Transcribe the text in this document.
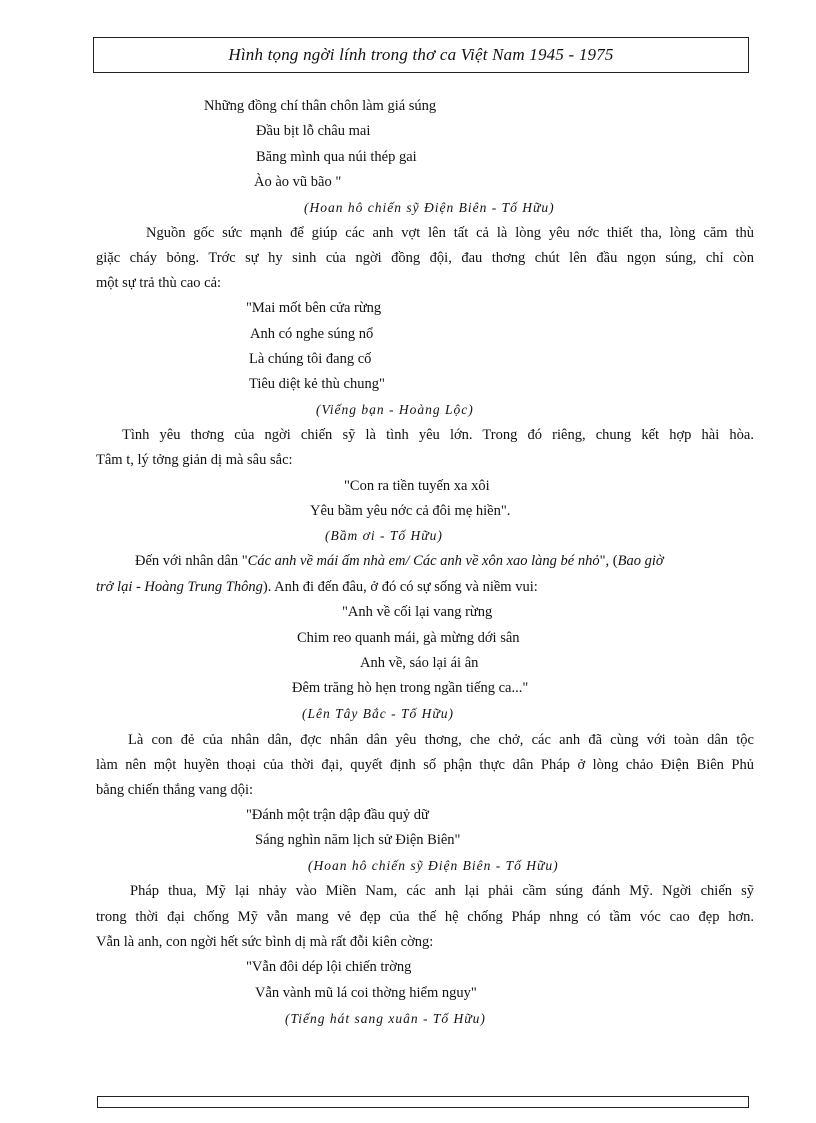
Hình tọng ngời lính trong thơ ca Việt Nam 1945 - 1975
Những đồng chí thân chôn làm giá súng
Đầu bịt lỗ châu mai
Băng mình qua núi thép gai
Ào ào vũ bão "
(Hoan hô chiến sỹ Điện Biên - Tố Hữu)
Nguồn gốc sức mạnh để giúp các anh vợt lên tất cả là lòng yêu nớc thiết tha, lòng căm thù
giặc cháy bỏng. Trớc sự hy sinh của ngời đồng đội, đau thơng chút lên đầu ngọn súng, chỉ còn
một sự trả thù cao cả:
"Mai mốt bên cửa rừng
Anh có nghe súng nổ
Là chúng tôi đang cố
Tiêu diệt kẻ thù chung"
(Viếng bạn - Hoàng Lộc)
Tình yêu thơng của ngời chiến sỹ là tình yêu lớn. Trong đó riêng, chung kết hợp hài hòa.
Tâm t, lý tởng giản dị mà sâu sắc:
"Con ra tiền tuyến xa xôi
Yêu bầm yêu nớc cả đôi mẹ hiền".
(Bầm ơi - Tố Hữu)
Đến với nhân dân "Các anh về mái ấm nhà em/ Các anh về xôn xao làng bé nhỏ", (Bao giờ
trở lại - Hoàng Trung Thông). Anh đi đến đâu, ở đó có sự sống và niềm vui:
"Anh về cối lại vang rừng
Chim reo quanh mái, gà mừng dới sân
Anh về, sáo lại ái ân
Đêm trăng hò hẹn trong ngần tiếng ca..."
(Lên Tây Bắc - Tố Hữu)
Là con đẻ của nhân dân, đợc nhân dân yêu thơng, che chở, các anh đã cùng với toàn dân tộc
làm nên một huyền thoại của thời đại, quyết định số phận thực dân Pháp ở lòng chảo Điện Biên Phủ
bằng chiến thắng vang dội:
"Đánh một trận dập đầu quỷ dữ
Sáng nghìn năm lịch sử Điện Biên"
(Hoan hô chiến sỹ Điện Biên - Tố Hữu)
Pháp thua, Mỹ lại nhảy vào Miền Nam, các anh lại phải cầm súng đánh Mỹ. Ngời chiến sỹ
trong thời đại chống Mỹ vẫn mang vẻ đẹp của thế hệ chống Pháp nhng có tầm vóc cao đẹp hơn.
Vẫn là anh, con ngời hết sức bình dị mà rất đỗi kiên cờng:
"Vẫn đôi dép lội chiến trờng
Vẫn vành mũ lá coi thờng hiểm nguy"
(Tiếng hát sang xuân - Tố Hữu)
